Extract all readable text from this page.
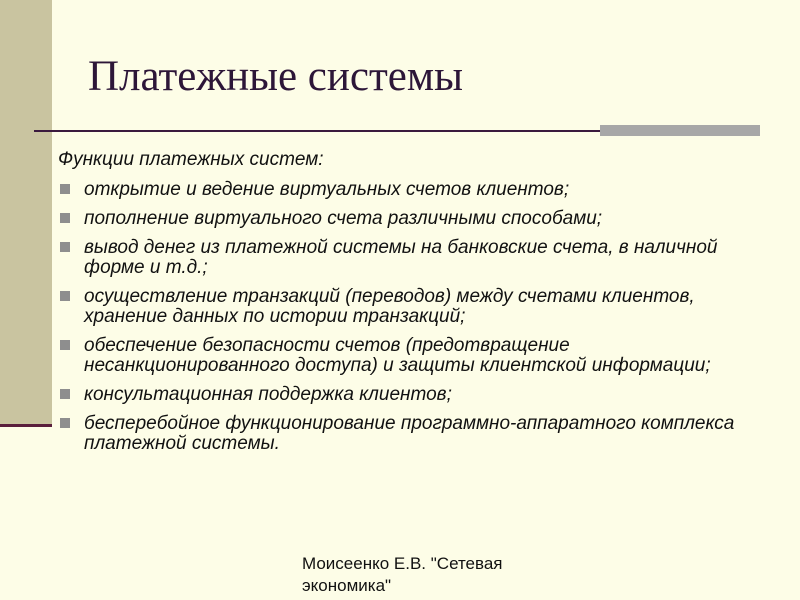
Платежные системы

Функции платежных систем:

открытие и ведение виртуальных счетов клиентов;
пополнение виртуального счета различными способами;
вывод денег из платежной системы на банковские счета, в наличной форме и т.д.;
осуществление транзакций (переводов) между счетами клиентов, хранение данных по истории транзакций;
обеспечение безопасности счетов (предотвращение несанкционированного доступа) и защиты клиентской информации;
консультационная поддержка клиентов;
бесперебойное функционирование программно-аппаратного комплекса платежной системы.
Моисеенко Е.В. "Сетевая экономика"
